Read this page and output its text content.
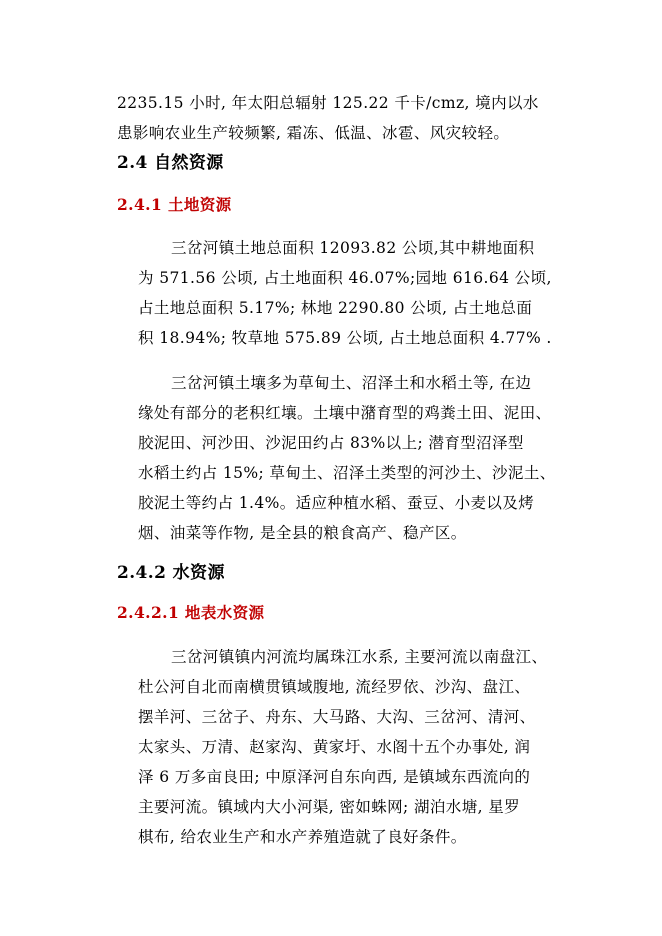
2235.15 小时, 年太阳总辐射 125.22 千卡/cmz, 境内以水
患影响农业生产较频繁, 霜冻、低温、冰雹、风灾较轻。
2.4 自然资源
2.4.1 土地资源
三岔河镇土地总面积 12093.82 公顷,其中耕地面积
为 571.56 公顷, 占土地面积 46.07%;园地 616.64 公顷,
占土地总面积 5.17%; 林地 2290.80 公顷, 占土地总面
积 18.94%; 牧草地 575.89 公顷, 占土地总面积 4.77% .
三岔河镇土壤多为草甸土、沼泽土和水稻土等, 在边
缘处有部分的老积红壤。土壤中潴育型的鸡粪土田、泥田、
胶泥田、河沙田、沙泥田约占 83%以上; 潜育型沼泽型
水稻土约占 15%; 草甸土、沼泽土类型的河沙土、沙泥土、
胶泥土等约占 1.4%。适应种植水稻、蚕豆、小麦以及烤
烟、油菜等作物, 是全县的粮食高产、稳产区。
2.4.2 水资源
2.4.2.1 地表水资源
三岔河镇镇内河流均属珠江水系, 主要河流以南盘江、
杜公河自北而南横贯镇域腹地, 流经罗依、沙沟、盘江、
摆羊河、三岔子、舟东、大马路、大沟、三岔河、清河、
太家头、万清、赵家沟、黄家圩、水阁十五个办事处, 润
泽 6 万多亩良田; 中原泽河自东向西, 是镇域东西流向的
主要河流。镇域内大小河渠, 密如蛛网; 湖泊水塘, 星罗
棋布, 给农业生产和水产养殖造就了良好条件。
